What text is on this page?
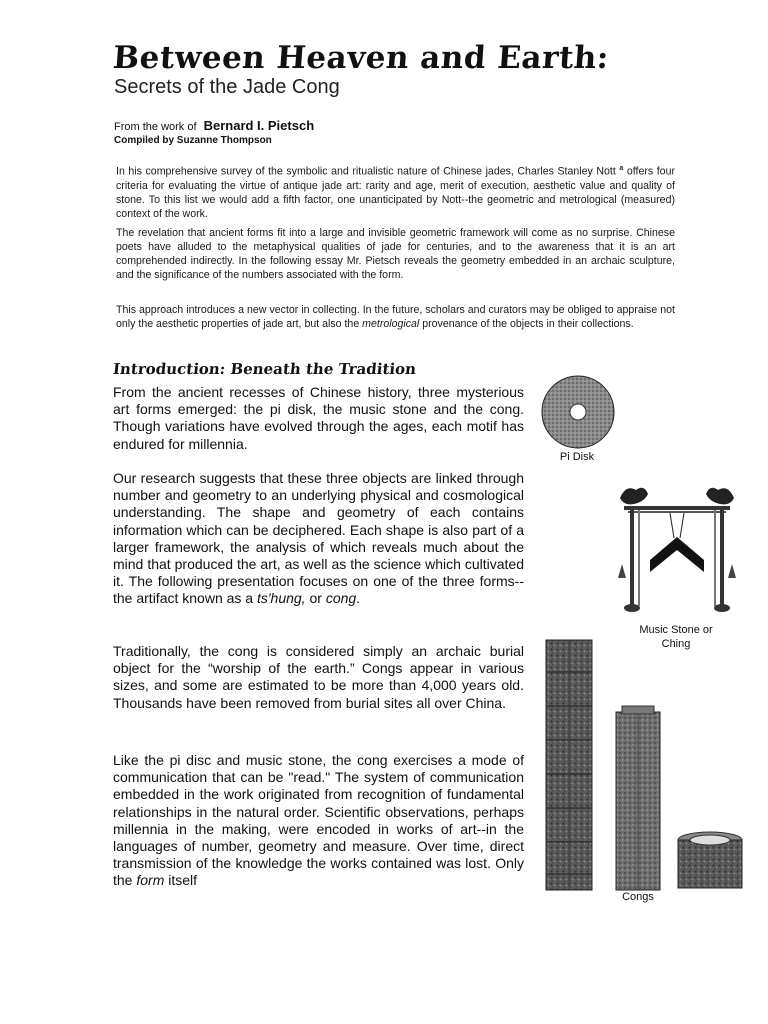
Between Heaven and Earth:
Secrets of the Jade Cong
From the work of Bernard I. Pietsch
Compiled by Suzanne Thompson

In his comprehensive survey of the symbolic and ritualistic nature of Chinese jades, Charles Stanley Nott $^a$ offers four criteria for evaluating the virtue of antique jade art: rarity and age, merit of execution, aesthetic value and quality of stone. To this list we would add a fifth factor, one unanticipated by Nott--the geometric and metrological (measured) context of the work.

The revelation that ancient forms fit into a large and invisible geometric framework will come as no surprise. Chinese poets have alluded to the metaphysical qualities of jade for centuries, and to the awareness that it is an art comprehended indirectly. In the following essay Mr. Pietsch reveals the geometry embedded in an archaic sculpture, and the significance of the numbers associated with the form.

This approach introduces a new vector in collecting. In the future, scholars and curators may be obliged to appraise not only the aesthetic properties of jade art, but also the metrological provenance of the objects in their collections.

Introduction: Beneath the Tradition

From the ancient recesses of Chinese history, three mysterious art forms emerged: the pi disk, the music stone and the cong. Though variations have evolved through the ages, each motif has endured for millennia.

Our research suggests that these three objects are linked through number and geometry to an underlying physical and cosmological understanding. The shape and geometry of each contains information which can be deciphered. Each shape is also part of a larger framework, the analysis of which reveals much about the mind that produced the art, as well as the science which cultivated it. The following presentation focuses on one of the three forms--the artifact known as a ts'hung, or cong.

Traditionally, the cong is considered simply an archaic burial object for the “worship of the earth.” Congs appear in various sizes, and some are estimated to be more than 4,000 years old. Thousands have been removed from burial sites all over China.

Like the pi disc and music stone, the cong exercises a mode of communication that can be "read." The system of communication embedded in the work originated from recognition of fundamental relationships in the natural order. Scientific observations, perhaps millennia in the making, were encoded in works of art--in the languages of number, geometry and measure. Over time, direct transmission of the knowledge the works contained was lost. Only the form itself

Pi Disk
Music Stone or
Ching
Congs
